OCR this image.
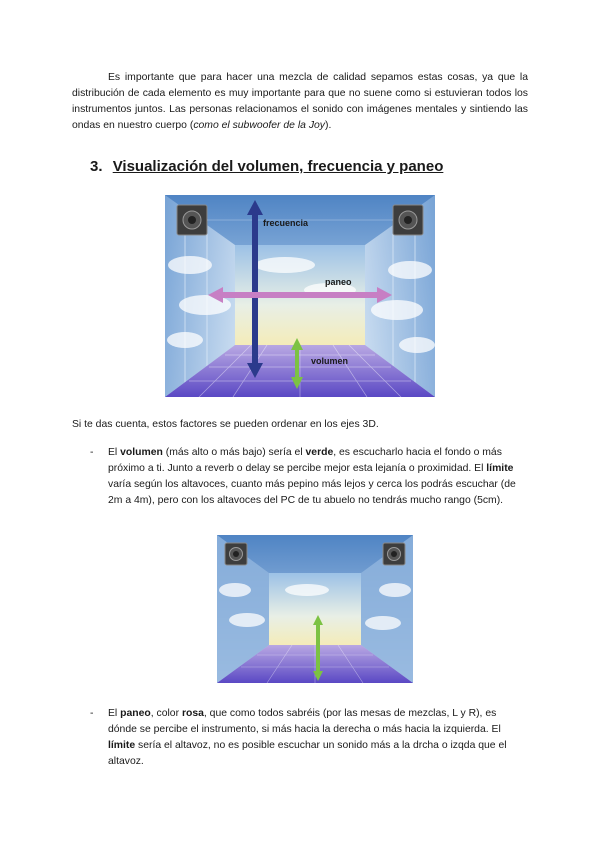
Es importante que para hacer una mezcla de calidad sepamos estas cosas, ya que la distribución de cada elemento es muy importante para que no suene como si estuvieran todos los instrumentos juntos. Las personas relacionamos el sonido con imágenes mentales y sintiendo las ondas en nuestro cuerpo (como el subwoofer de la Joy).
3. Visualización del volumen, frecuencia y paneo
frecuencia
paneo
volumen
Si te das cuenta, estos factores se pueden ordenar en los ejes 3D.
- El volumen (más alto o más bajo) sería el verde, es escucharlo hacia el fondo o más próximo a ti. Junto a reverb o delay se percibe mejor esta lejanía o proximidad. El límite varía según los altavoces, cuanto más pepino más lejos y cerca los podrás escuchar (de 2m a 4m), pero con los altavoces del PC de tu abuelo no tendrás mucho rango (5cm).
- El paneo, color rosa, que como todos sabréis (por las mesas de mezclas, L y R), es dónde se percibe el instrumento, si más hacia la derecha o más hacia la izquierda. El límite sería el altavoz, no es posible escuchar un sonido más a la drcha o izqda que el altavoz.
